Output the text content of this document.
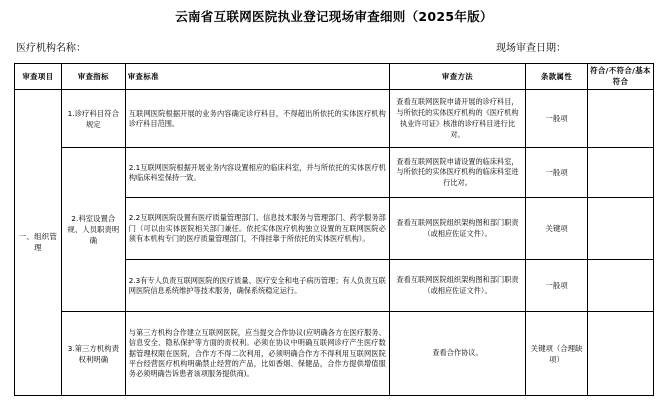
云南省互联网医院执业登记现场审查细则（2025年版）
医疗机构名称：	现场审查日期：
审查项目	审查指标	审查标准	审查方法	条款属性	符合/不符合/基本符合
一、组织管理	1.诊疗科目符合规定	互联网医院根据开展的业务内容确定诊疗科目，不得超出所依托的实体医疗机构诊疗科目范围。	查看互联网医院申请开展的诊疗科目，与所依托的实体医疗机构的《医疗机构执业许可证》核准的诊疗科目进行比对。	一般项	
	2.科室设置合规、人员职责明确	2.1互联网医院根据开展业务内容设置相应的临床科室，并与所依托的实体医疗机构临床科室保持一致。	查看互联网医院申请设置的临床科室，与所依托的实体医疗机构的临床科室进行比对。	一般项	
		2.2互联网医院设置有医疗质量管理部门、信息技术服务与管理部门、药学服务部门（可以由实体医院相关部门兼任。依托实体医疗机构独立设置的互联网医院必须有本机构专门的医疗质量管理部门，不得挂靠于所依托的实体医疗机构）。	查看互联网医院组织架构图和部门职责（或相应佐证文件）。	关键项	
		2.3有专人负责互联网医院的医疗质量、医疗安全和电子病历管理；有人负责互联网医院信息系统维护等技术服务，确保系统稳定运行。	查看互联网医院组织架构图和部门职责（或相应佐证文件）。	一般项	
	3.第三方机构责权利明确	与第三方机构合作建立互联网医院，应当提交合作协议(应明确各方在医疗服务、信息安全、隐私保护等方面的责权利。必须在协议中明确互联网诊疗产生医疗数据管理权限在医院，合作方不得二次利用，必须明确合作方不得利用互联网医院平台经营医疗机构明确禁止经营的产品，比如香烟、保健品，合作方提供增值服务必须明确告诉患者该项服务提供商)。	查看合作协议。	关键项（合理缺项）	
